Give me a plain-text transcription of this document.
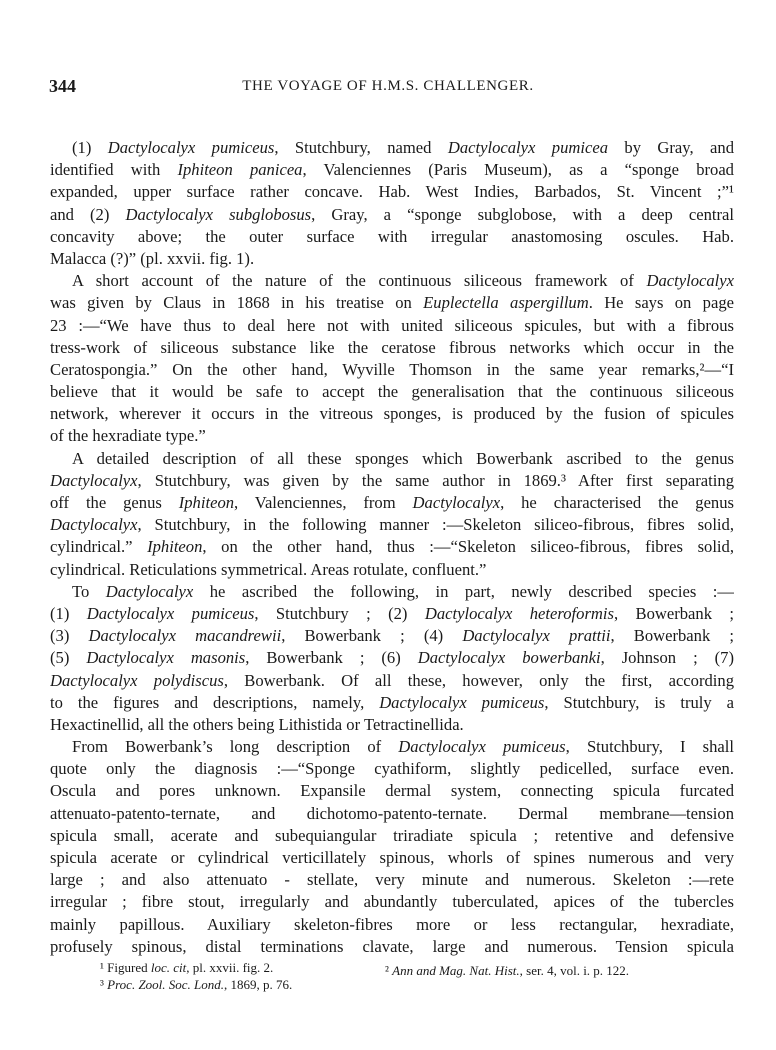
344	THE VOYAGE OF H.M.S. CHALLENGER.
(1) Dactylocalyx pumiceus, Stutchbury, named Dactylocalyx pumicea by Gray, and
identified with Iphiteon panicea, Valenciennes (Paris Museum), as a “sponge broad
expanded, upper surface rather concave. Hab. West Indies, Barbados, St. Vincent ;”¹
and (2) Dactylocalyx subglobosus, Gray, a “sponge subglobose, with a deep central
concavity above; the outer surface with irregular anastomosing oscules. Hab.
Malacca (?)” (pl. xxvii. fig. 1).
A short account of the nature of the continuous siliceous framework of Dactylocalyx
was given by Claus in 1868 in his treatise on Euplectella aspergillum. He says on page
23 :—“We have thus to deal here not with united siliceous spicules, but with a fibrous
tress-work of siliceous substance like the ceratose fibrous networks which occur in the
Ceratospongia.” On the other hand, Wyville Thomson in the same year remarks,²—“I
believe that it would be safe to accept the generalisation that the continuous siliceous
network, wherever it occurs in the vitreous sponges, is produced by the fusion of spicules
of the hexradiate type.”
A detailed description of all these sponges which Bowerbank ascribed to the genus
Dactylocalyx, Stutchbury, was given by the same author in 1869.³ After first separating
off the genus Iphiteon, Valenciennes, from Dactylocalyx, he characterised the genus
Dactylocalyx, Stutchbury, in the following manner :—Skeleton siliceo-fibrous, fibres solid,
cylindrical.” Iphiteon, on the other hand, thus :—“Skeleton siliceo-fibrous, fibres solid,
cylindrical. Reticulations symmetrical. Areas rotulate, confluent.”
To Dactylocalyx he ascribed the following, in part, newly described species :—
(1) Dactylocalyx pumiceus, Stutchbury ; (2) Dactylocalyx heteroformis, Bowerbank ;
(3) Dactylocalyx macandrewii, Bowerbank ; (4) Dactylocalyx prattii, Bowerbank ;
(5) Dactylocalyx masonis, Bowerbank ; (6) Dactylocalyx bowerbanki, Johnson ; (7)
Dactylocalyx polydiscus, Bowerbank. Of all these, however, only the first, according
to the figures and descriptions, namely, Dactylocalyx pumiceus, Stutchbury, is truly a
Hexactinellid, all the others being Lithistida or Tetractinellida.
From Bowerbank’s long description of Dactylocalyx pumiceus, Stutchbury, I shall
quote only the diagnosis :—“Sponge cyathiform, slightly pedicelled, surface even.
Oscula and pores unknown. Expansile dermal system, connecting spicula furcated
attenuato-patento-ternate, and dichotomo-patento-ternate. Dermal membrane—tension
spicula small, acerate and subequiangular triradiate spicula ; retentive and defensive
spicula acerate or cylindrical verticillately spinous, whorls of spines numerous and very
large ; and also attenuato - stellate, very minute and numerous. Skeleton :—rete
irregular ; fibre stout, irregularly and abundantly tuberculated, apices of the tubercles
mainly papillous. Auxiliary skeleton-fibres more or less rectangular, hexradiate,
profusely spinous, distal terminations clavate, large and numerous. Tension spicula
¹ Figured loc. cit, pl. xxvii. fig. 2.
³ Proc. Zool. Soc. Lond., 1869, p. 76.
² Ann and Mag. Nat. Hist., ser. 4, vol. i. p. 122.
